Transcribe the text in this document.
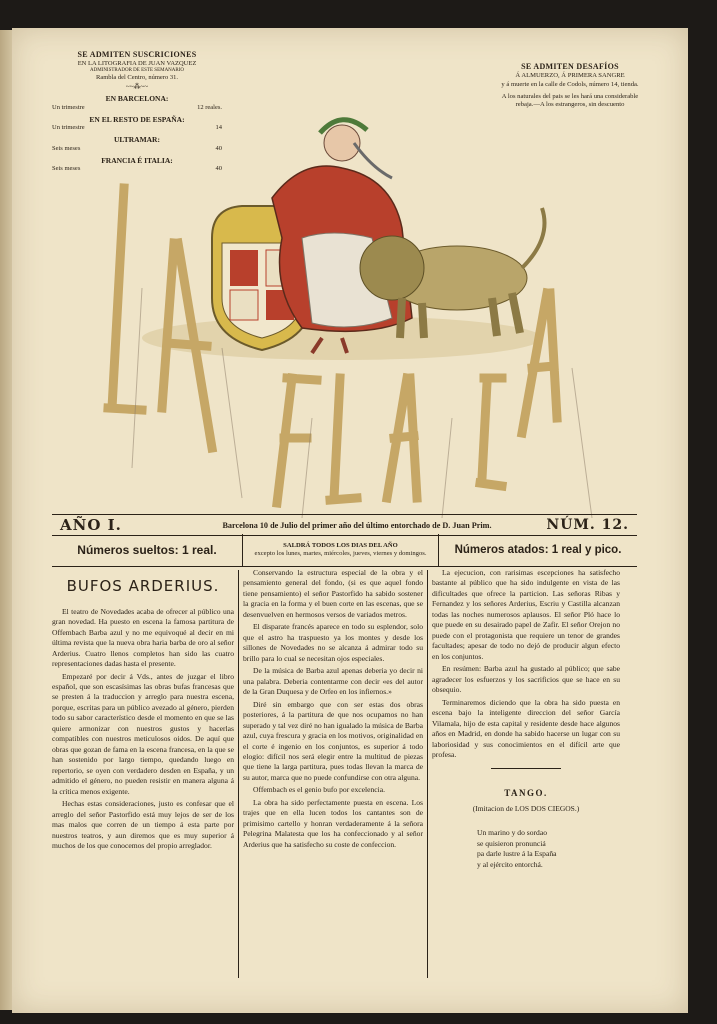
SE ADMITEN SUSCRICIONES
EN LA LITOGRAFIA DE JUAN VAZQUEZ
ADMINISTRADOR DE ESTE SEMANARIO
Rambla del Centro, número 31.
~~⁂~~
EN BARCELONA:
Un trimestre	12 reales.
EN EL RESTO DE ESPAÑA:
Un trimestre	14
ULTRAMAR:
Seis meses	40
FRANCIA É ITALIA:
Seis meses	40
SE ADMITEN DESAFÍOS
Á ALMUERZO, Á PRIMERA SANGRE
y á muerte en la calle de Codols, número 14, tienda.
A los naturales del pais se les hará una considerable rebaja.—A los estrangeros, sin descuento
AÑO I.	Barcelona 10 de Julio del primer año del último entorchado de D. Juan Prim.	NÚM. 12.
Números sueltos: 1 real.	SALDRÁ TODOS LOS DIAS DEL AÑO
excepto los lunes, martes, miércoles, jueves, viernes y domingos.	Números atados: 1 real y pico.
BUFOS ARDERIUS.

El teatro de Novedades acaba de ofrecer al público una gran novedad. Ha puesto en escena la famosa partitura de Offembach Barba azul y no me equivoqué al decir en mi última revista que la nueva obra haria barba de oro al señor Arderius. Cuatro llenos completos han sido las cuatro representaciones dadas hasta el presente.

Empezaré por decir á Vds., antes de juzgar el libro español, que son escasísimas las obras bufas francesas que se presten á la traduccion y arreglo para nuestra escena, porque, escritas para un público avezado al género, pierden todo su sabor característico desde el momento en que se las quiere armonizar con nuestros gustos y hacerlas compatibles con nuestros meticulosos oidos. De aquí que obras que gozan de fama en la escena francesa, en la que se han sostenido por largo tiempo, quedando luego en repertorio, se oyen con verdadero desden en España, y un admitido el género, no pueden resistir en manera alguna á la crítica menos exigente.

Hechas estas consideraciones, justo es confesar que el arreglo del señor Pastorfido está muy lejos de ser de los mas malos que corren de un tiempo á esta parte por nuestros teatros, y aun diremos que es muy superior á muchos de los que conocemos del propio arreglador.

Conservando la estructura especial de la obra y el pensamiento general del fondo, (si es que aquel fondo tiene pensamiento) el señor Pastorfido ha sabido sostener la gracia en la forma y el buen corte en las escenas, que se desenvuelven en hermosos versos de variados metros.

El disparate francés aparece en todo su esplendor, solo que el astro ha traspuesto ya los montes y desde los sillones de Novedades no se alcanza á admirar todo su brillo para lo cual se necesitan ojos especiales.

De la música de Barba azul apenas deberia yo decir ni una palabra. Deberia contentarme con decir «es del autor de la Gran Duquesa y de Orfeo en los infiernos.»

Diré sin embargo que con ser estas dos obras posteriores, á la partitura de que nos ocupamos no han superado y tal vez diré no han igualado la música de Barba azul, cuya frescura y gracia en los motivos, originalidad en el corte é ingenio en los conjuntos, es superior á todo elogio: difícil nos será elegir entre la multitud de piezas que tiene la larga partitura, pues todas llevan la marca de su autor, marca que no puede confundirse con otra alguna.

Offembach es el genio bufo por excelencia.

La obra ha sido perfectamente puesta en escena. Los trajes que en ella lucen todos los cantantes son de primisimo cartello y honran verdaderamente á la señora Pelegrina Malatesta que los ha confeccionado y al señor Arderius que ha satisfecho su coste de confeccion.

La ejecucion, con rarisimas escepciones ha satisfecho bastante al público que ha sido indulgente en vista de las dificultades que ofrece la particion. Las señoras Ribas y Fernandez y los señores Arderius, Escriu y Castilla alcanzan todas las noches numerosos aplausos. El señor Pló hace lo que puede en su desairado papel de Zafir. El señor Orejon no puede con el protagonista que requiere un tenor de grandes facultades; apesar de todo no dejó de producir algun efecto en los conjuntos.

En resúmen: Barba azul ha gustado al público; que sabe agradecer los esfuerzos y los sacrificios que se hace en su obsequio.

Terminaremos diciendo que la obra ha sido puesta en escena bajo la inteligente direccion del señor García Vilamala, hijo de esta capital y residente desde hace algunos años en Madrid, en donde ha sabido hacerse un lugar con su laboriosidad y sus conocimientos en el difícil arte que profesa.

TANGO.
(Imitacion de LOS DOS CIEGOS.)
Un marino y do sordao
se quisieron pronunciá
pa darle lustre á la España
y al ejército entorchá.
